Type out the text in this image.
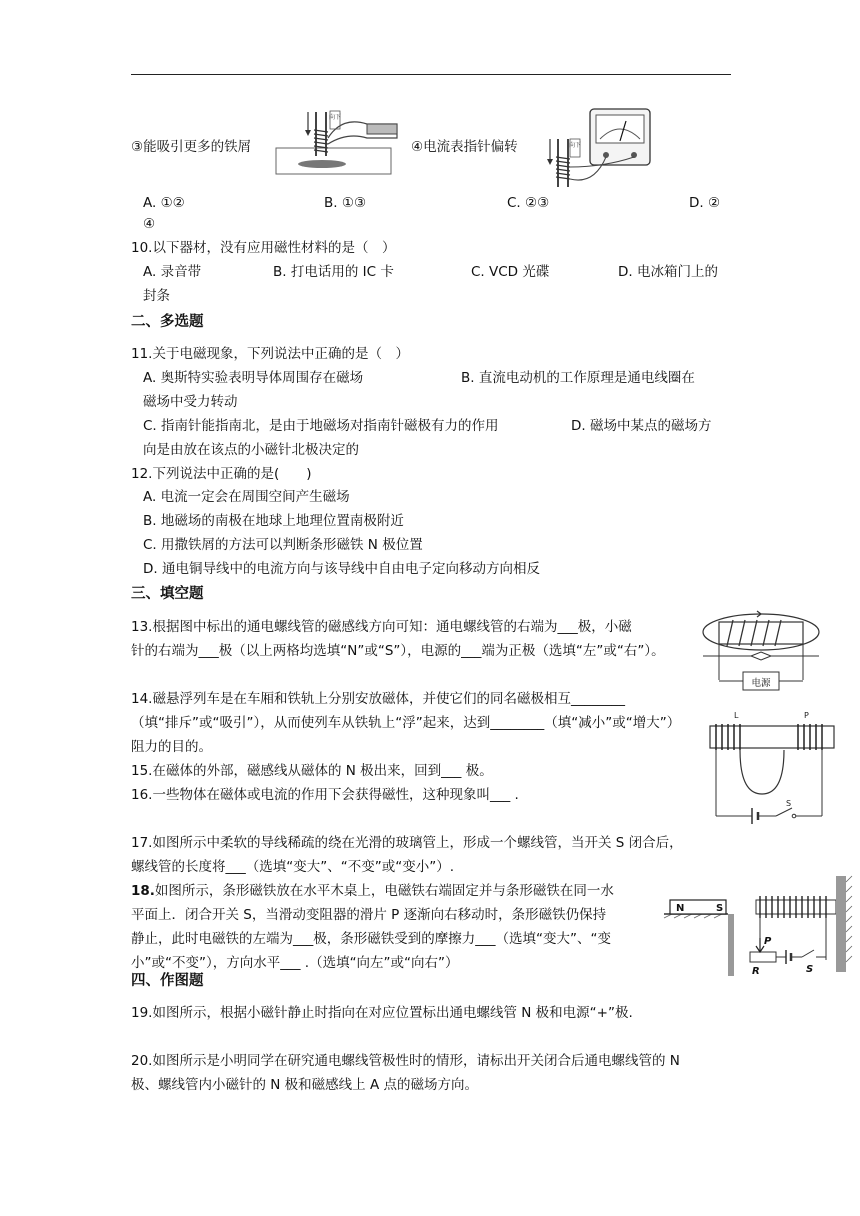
③能吸引更多的铁屑
向下
④电流表指针偏转	向下
A. ①②	B. ①③	C. ②③	D. ②
④
10.以下器材，没有应用磁性材料的是（　）
A. 录音带	B. 打电话用的 IC 卡	C. VCD 光碟	D. 电冰箱门上的
封条
二、多选题
11.关于电磁现象，下列说法中正确的是（　）
A. 奥斯特实验表明导体周围存在磁场	B. 直流电动机的工作原理是通电线圈在
磁场中受力转动
C. 指南针能指南北，是由于地磁场对指南针磁极有力的作用	D. 磁场中某点的磁场方
向是由放在该点的小磁针北极决定的
12.下列说法中正确的是(　　)
A. 电流一定会在周围空间产生磁场
B. 地磁场的南极在地球上地理位置南极附近
C. 用撒铁屑的方法可以判断条形磁铁 N 极位置
D. 通电铜导线中的电流方向与该导线中自由电子定向移动方向相反
三、填空题
13.根据图中标出的通电螺线管的磁感线方向可知：通电螺线管的右端为___极，小磁
针的右端为___极（以上两格均选填“N”或“S”），电源的___端为正极（选填“左”或“右”）。
电源
14.磁悬浮列车是在车厢和铁轨上分别安放磁体，并使它们的同名磁极相互________
（填“排斥”或“吸引”），从而使列车从铁轨上“浮”起来，达到________（填“减小”或“增大”）
阻力的目的。
L	P
S
15.在磁体的外部，磁感线从磁体的 N 极出来，回到___ 极。
16.一些物体在磁体或电流的作用下会获得磁性，这种现象叫___ .
17.如图所示中柔软的导线稀疏的绕在光滑的玻璃管上，形成一个螺线管，当开关 S 闭合后，
螺线管的长度将___（选填“变大”、“不变”或“变小”）.
18.如图所示，条形磁铁放在水平木桌上，电磁铁右端固定并与条形磁铁在同一水
平面上．闭合开关 S，当滑动变阻器的滑片 P 逐渐向右移动时，条形磁铁仍保持
静止，此时电磁铁的左端为___极，条形磁铁受到的摩擦力___（选填“变大”、“变
小”或“不变”），方向水平___ .（选填“向左”或“向右”）
N	S
R
P
S
四、作图题
19.如图所示，根据小磁针静止时指向在对应位置标出通电螺线管 N 极和电源“+”极.
20.如图所示是小明同学在研究通电螺线管极性时的情形，请标出开关闭合后通电螺线管的 N
极、螺线管内小磁针的 N 极和磁感线上 A 点的磁场方向。
